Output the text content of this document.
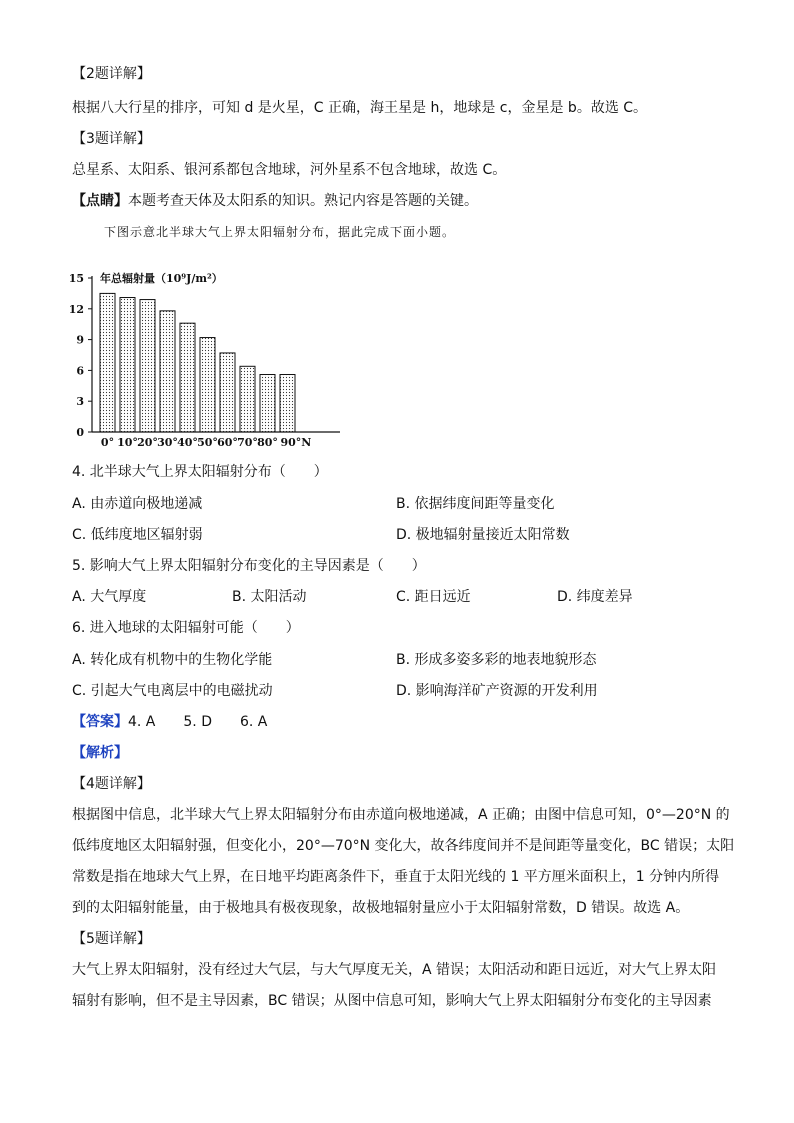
【2题详解】
根据八大行星的排序，可知 d 是火星，C 正确，海王星是 h，地球是 c，金星是 b。故选 C。
【3题详解】
总星系、太阳系、银河系都包含地球，河外星系不包含地球，故选 C。
【点睛】本题考查天体及太阳系的知识。熟记内容是答题的关键。
下图示意北半球大气上界太阳辐射分布，据此完成下面小题。
年总辐射量（10⁹J/m²）
0
3
6
9
12
15
0° 10° 20° 30° 40° 50° 60° 70° 80° 90°N
4. 北半球大气上界太阳辐射分布（　　）
A. 由赤道向极地递减	B. 依据纬度间距等量变化
C. 低纬度地区辐射弱	D. 极地辐射量接近太阳常数
5. 影响大气上界太阳辐射分布变化的主导因素是（　　）
A. 大气厚度	B. 太阳活动	C. 距日远近	D. 纬度差异
6. 进入地球的太阳辐射可能（　　）
A. 转化成有机物中的生物化学能	B. 形成多姿多彩的地表地貌形态
C. 引起大气电离层中的电磁扰动	D. 影响海洋矿产资源的开发利用
【答案】4. A　　5. D　　6. A
【解析】
【4题详解】
根据图中信息，北半球大气上界太阳辐射分布由赤道向极地递减，A 正确；由图中信息可知，0°—20°N 的
低纬度地区太阳辐射强，但变化小，20°—70°N 变化大，故各纬度间并不是间距等量变化，BC 错误；太阳
常数是指在地球大气上界，在日地平均距离条件下，垂直于太阳光线的 1 平方厘米面积上，1 分钟内所得
到的太阳辐射能量，由于极地具有极夜现象，故极地辐射量应小于太阳辐射常数，D 错误。故选 A。
【5题详解】
大气上界太阳辐射，没有经过大气层，与大气厚度无关，A 错误；太阳活动和距日远近，对大气上界太阳
辐射有影响，但不是主导因素，BC 错误；从图中信息可知，影响大气上界太阳辐射分布变化的主导因素
